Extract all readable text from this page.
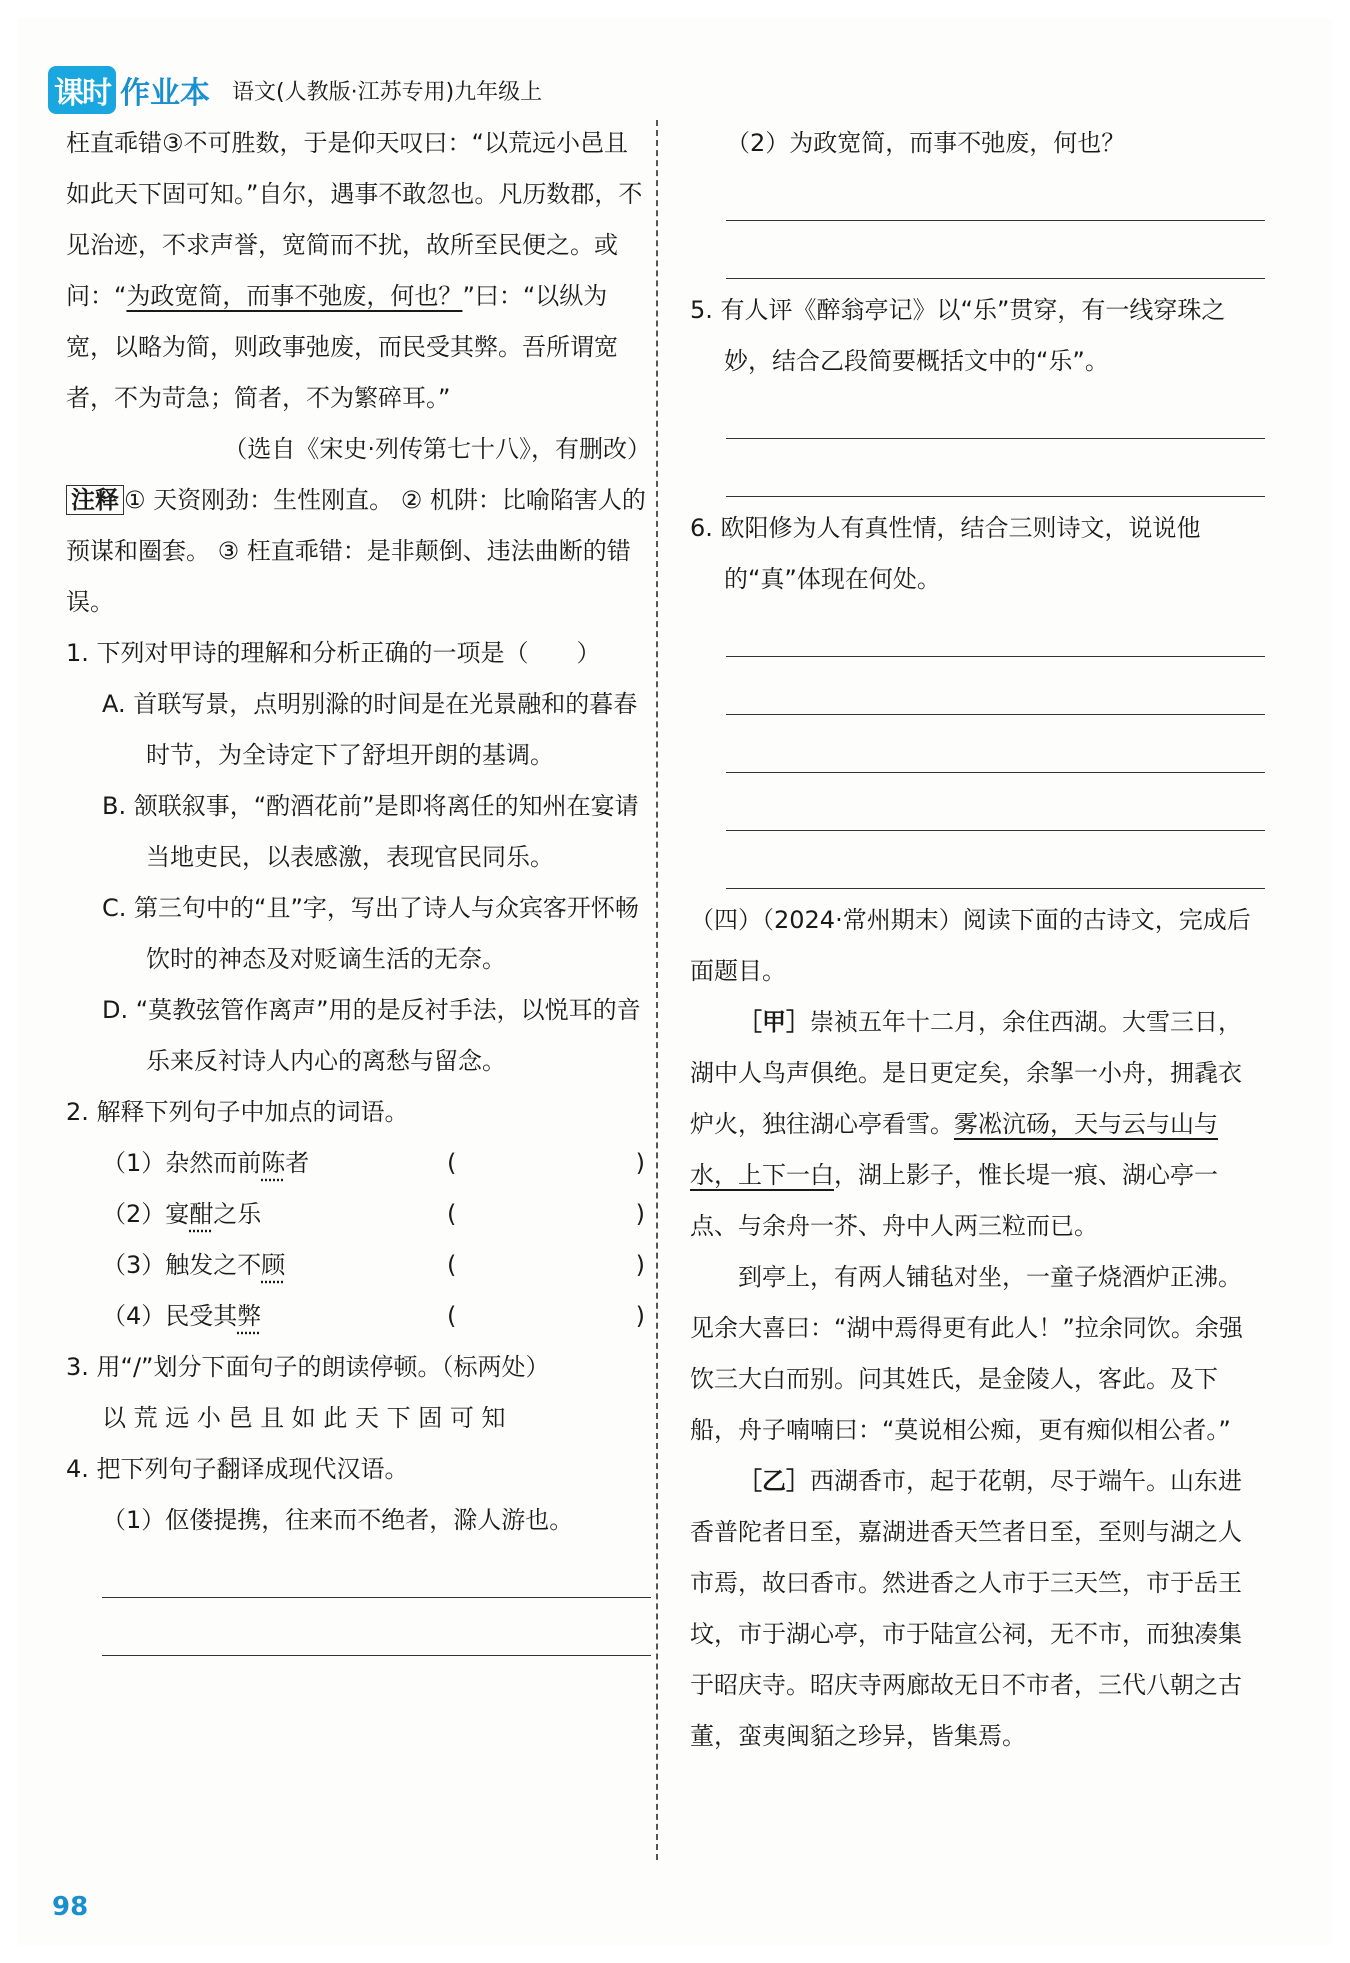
课时 作业本 语文(人教版·江苏专用)九年级上

枉直乖错③不可胜数，于是仰天叹曰：“以荒远小邑且如此天下固可知。”自尔，遇事不敢忽也。凡历数郡，不见治迹，不求声誉，宽简而不扰，故所至民便之。或问：“为政宽简，而事不弛废，何也？”曰：“以纵为宽，以略为简，则政事弛废，而民受其弊。吾所谓宽者，不为苛急；简者，不为繁碎耳。”

（选自《宋史·列传第七十八》，有删改）

注释 ① 天资刚劲：生性刚直。 ② 机阱：比喻陷害人的预谋和圈套。 ③ 枉直乖错：是非颠倒、违法曲断的错误。

1. 下列对甲诗的理解和分析正确的一项是（　　）

A. 首联写景，点明别滁的时间是在光景融和的暮春时节，为全诗定下了舒坦开朗的基调。

B. 颔联叙事，“酌酒花前”是即将离任的知州在宴请当地吏民，以表感激，表现官民同乐。

C. 第三句中的“且”字，写出了诗人与众宾客开怀畅饮时的神态及对贬谪生活的无奈。

D. “莫教弦管作离声”用的是反衬手法，以悦耳的音乐来反衬诗人内心的离愁与留念。

2. 解释下列句子中加点的词语。

（1）杂然而前陈者	(	)
（2）宴酣之乐	(	)
（3）触发之不顾	(	)
（4）民受其弊	(	)

3. 用“/”划分下面句子的朗读停顿。（标两处）

以 荒 远 小 邑 且 如 此 天 下 固 可 知

4. 把下列句子翻译成现代汉语。

（1）伛偻提携，往来而不绝者，滁人游也。

（2）为政宽简，而事不弛废，何也？

5. 有人评《醉翁亭记》以“乐”贯穿，有一线穿珠之妙，结合乙段简要概括文中的“乐”。

6. 欧阳修为人有真性情，结合三则诗文，说说他的“真”体现在何处。

（四）（2024·常州期末）阅读下面的古诗文，完成后面题目。

［甲］崇祯五年十二月，余住西湖。大雪三日，湖中人鸟声俱绝。是日更定矣，余挐一小舟，拥毳衣炉火，独往湖心亭看雪。雾凇沆砀，天与云与山与水，上下一白，湖上影子，惟长堤一痕、湖心亭一点、与余舟一芥、舟中人两三粒而已。

到亭上，有两人铺毡对坐，一童子烧酒炉正沸。见余大喜曰：“湖中焉得更有此人！”拉余同饮。余强饮三大白而别。问其姓氏，是金陵人，客此。及下船，舟子喃喃曰：“莫说相公痴，更有痴似相公者。”

［乙］西湖香市，起于花朝，尽于端午。山东进香普陀者日至，嘉湖进香天竺者日至，至则与湖之人市焉，故曰香市。然进香之人市于三天竺，市于岳王坟，市于湖心亭，市于陆宣公祠，无不市，而独凑集于昭庆寺。昭庆寺两廊故无日不市者，三代八朝之古董，蛮夷闽貊之珍异，皆集焉。

98
